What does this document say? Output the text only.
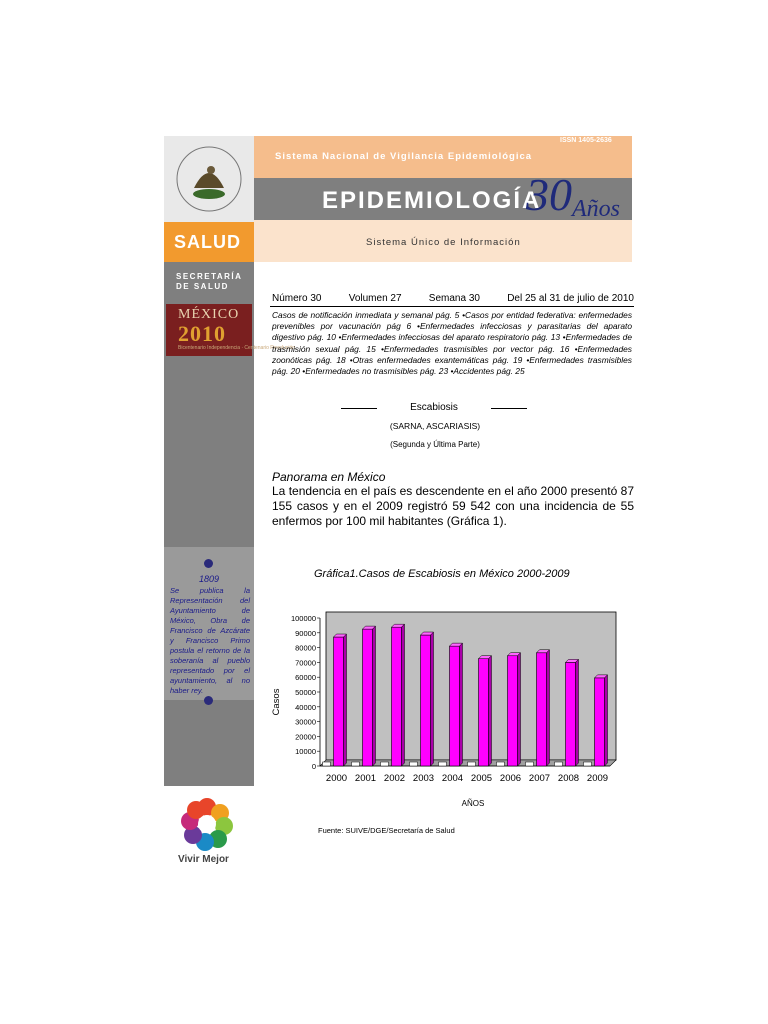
SALUD
SECRETARÍA
DE SALUD
MÉXICO
2010
Bicentenario Independencia · Centenario Revolución
1809
Se publica la Representación del Ayuntamiento de México, Obra de Francisco de Azcárate y Francisco Primo postula el retorno de la soberanía al pueblo representado por el ayuntamiento, al no haber rey.
Vivir Mejor
ISSN 1405-2636
Sistema Nacional de Vigilancia Epidemiológica
EPIDEMIOLOGÍA
30 Años
Sistema Único de Información
Número 30	Volumen 27	Semana 30	Del 25 al 31 de julio de 2010
Casos de notificación inmediata y semanal pág. 5 •Casos por entidad federativa: enfermedades prevenibles por vacunación pág 6 •Enfermedades infecciosas y parasitarias del aparato digestivo pág. 10 •Enfermedades infecciosas del aparato respiratorio pág. 13 •Enfermedades de trasmisión sexual pág. 15 •Enfermedades trasmisibles por vector pág. 16 •Enfermedades zoonóticas pág. 18 •Otras enfermedades exantemáticas pág. 19 •Enfermedades trasmisibles pág. 20 •Enfermedades no trasmisibles pág. 23 •Accidentes pág. 25
Escabiosis
(SARNA, ASCARIASIS)
(Segunda y Última Parte)
Panorama en México
La tendencia en el país es descendente en el año 2000 presentó 87 155 casos y en el 2009 registró 59 542 con una incidencia de 55 enfermos por 100 mil habitantes (Gráfica 1).
Gráfica1.Casos de Escabiosis en México 2000-2009
0
10000
20000
30000
40000
50000
60000
70000
80000
90000
100000
Casos
2000 2001 2002 2003 2004 2005 2006 2007 2008 2009
AÑOS
Fuente: SUIVE/DGE/Secretaría de Salud
